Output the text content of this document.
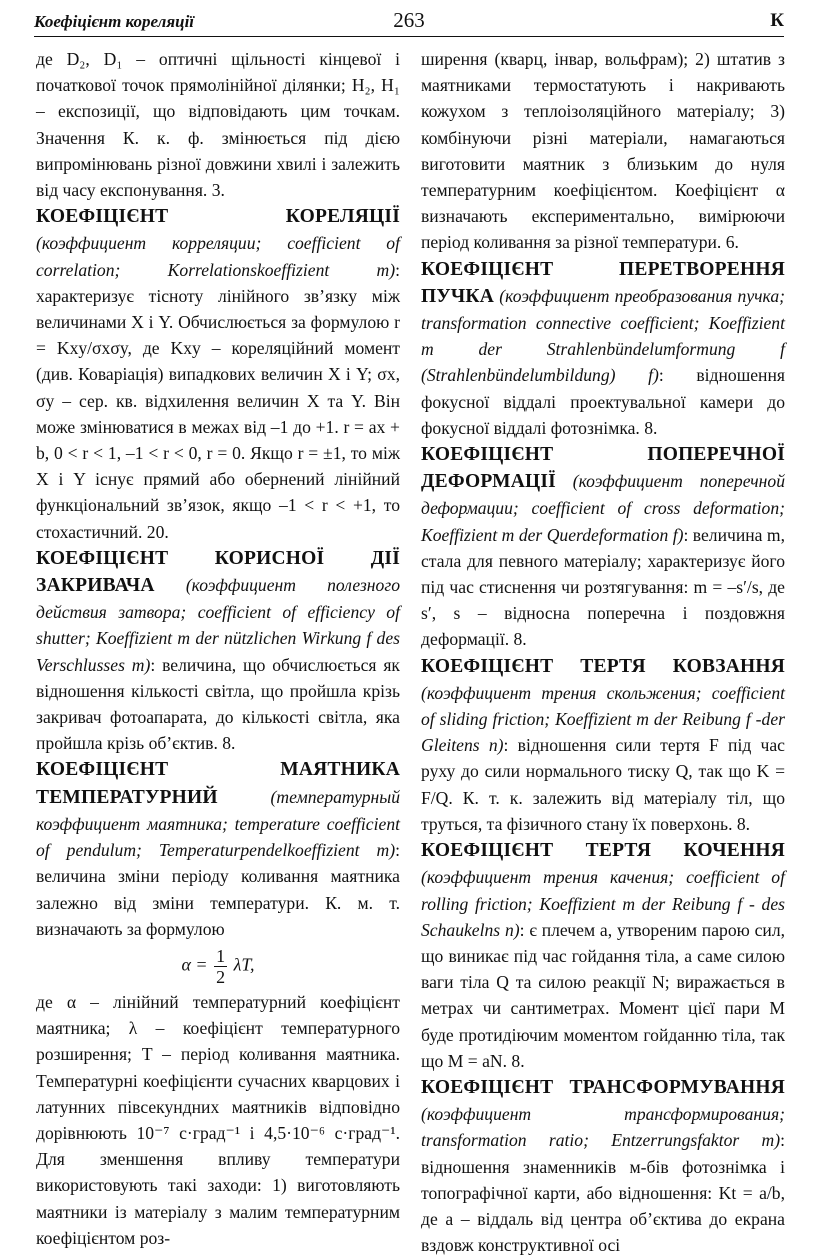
Коефіцієнт кореляції	263	К

де D₂, D₁ – оптичні щільності кінцевої і початкової точок прямолінійної ділянки; H₂, H₁ – експозиції, що відповідають цим точкам. Значення К. к. ф. змінюється під дією випромінювань різної довжини хвилі і залежить від часу експонування. 3.

КОЕФІЦІЄНТ КОРЕЛЯЦІЇ (коэффициент корреляции; coefficient of correlation; Korrelationskoeffizient m): характеризує тісноту лінійного зв’язку між величинами X і Y. Обчислюється за формулою r = Kxy/σxσy, де Kxy – кореляційний момент (див. Коваріація) випадкових величин X і Y; σx, σy – сер. кв. відхилення величин X та Y. Він може змінюватися в межах від –1 до +1. r = ax + b, 0 < r < 1, –1 < r < 0, r = 0. Якщо r = ±1, то між X і Y існує прямий або обернений лінійний функціональний зв’язок, якщо –1 < r < +1, то стохастичний. 20.

КОЕФІЦІЄНТ КОРИСНОЇ ДІЇ ЗАКРИВАЧА (коэффициент полезного действия затвора; coefficient of efficiency of shutter; Koeffizient m der nützlichen Wirkung f des Verschlusses m): величина, що обчислюється як відношення кількості світла, що пройшла крізь закривач фотоапарата, до кількості світла, яка пройшла крізь об’єктив. 8.

КОЕФІЦІЄНТ МАЯТНИКА ТЕМПЕРАТУРНИЙ	(температурный коэффициент маятника; temperature coefficient of pendulum; Temperaturpendelkoeffizient m): величина зміни періоду коливання маятника залежно від зміни температури. К. м. т. визначають за формулою

$\alpha = \frac{1}{2} \lambda T$,

де α – лінійний температурний коефіцієнт маятника; λ – коефіцієнт температурного розширення; T – період коливання маятника. Температурні коефіцієнти сучасних кварцових і латунних півсекундних маятників відповідно дорівнюють 10⁻⁷ с·град⁻¹ і 4,5·10⁻⁶ с·град⁻¹. Для зменшення впливу температури використовують такі заходи: 1) виготовляють маятники із матеріалу з малим температурним коефіцієнтом роз-

ширення (кварц, інвар, вольфрам); 2) штатив з маятниками термостатують і накривають кожухом з теплоізоляційного матеріалу; 3) комбінуючи різні матеріали, намагаються виготовити маятник з близьким до нуля температурним коефіцієнтом. Коефіцієнт α визначають експериментально, вимірюючи період коливання за різної температури. 6.

КОЕФІЦІЄНТ ПЕРЕТВОРЕННЯ ПУЧКА (коэффициент преобразования пучка; transformation connective coefficient; Koeffizient m der Strahlenbündelumformung f (Strahlenbündelumbildung) f): відношення фокусної віддалі проектувальної камери до фокусної віддалі фотознімка. 8.

КОЕФІЦІЄНТ ПОПЕРЕЧНОЇ ДЕФОРМАЦІЇ (коэффициент поперечной деформации; coefficient of cross deformation; Koeffizient m der Querdeformation f): величина m, стала для певного матеріалу; характеризує його під час стиснення чи розтягування: m = –s′/s, де s′, s – відносна поперечна і поздовжня деформації. 8.

КОЕФІЦІЄНТ ТЕРТЯ КОВЗАННЯ (коэффициент трения скольжения; coefficient of sliding friction; Koeffizient m der Reibung f -der Gleitens n): відношення сили тертя F під час руху до сили нормального тиску Q, так що K = F/Q. К. т. к. залежить від матеріалу тіл, що труться, та фізичного стану їх поверхонь. 8.

КОЕФІЦІЄНТ ТЕРТЯ КОЧЕННЯ (коэффициент трения качения; coefficient of rolling friction; Koeffizient m der Reibung f - des Schaukelns n): є плечем a, утвореним парою сил, що виникає під час гойдання тіла, а саме силою ваги тіла Q та силою реакції N; виражається в метрах чи сантиметрах. Момент цієї пари M буде протидіючим моментом гойданню тіла, так що M = aN. 8.

КОЕФІЦІЄНТ ТРАНСФОРМУВАННЯ (коэффициент трансформирования; transformation ratio; Entzerrungsfaktor m): відношення знаменників м-бів фотознімка і топографічної карти, або відношення: Kt = a/b, де a – віддаль від центра об’єктива до екрана вздовж конструктивної осі
